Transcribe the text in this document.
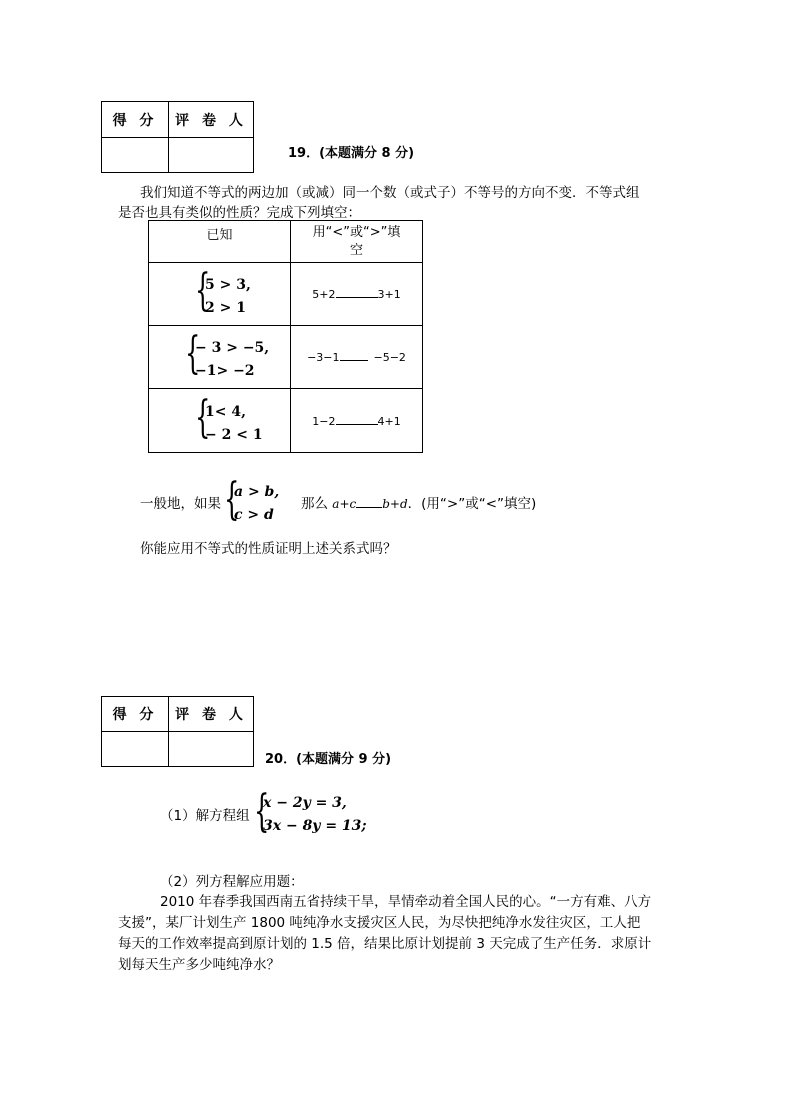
得 分	评 卷 人

19．(本题满分 8 分)
我们知道不等式的两边加（或减）同一个数（或式子）不等号的方向不变．不等式组
是否也具有类似的性质？完成下列填空：
已知	用“<”或“>”填
空

{
5 > 3,
2 > 1	5+2 3+1

{
− 3 > −5,
−1> −2	−3−1 −5−2

{
1< 4,
− 2 < 1	1−2 4+1
一般地，如果 {
a > b,
c > d
那么 a+c b+d．(用“>”或“<”填空)
你能应用不等式的性质证明上述关系式吗？
得 分	评 卷 人

20．(本题满分 9 分)
（1）解方程组 {
x − 2y = 3,
3x − 8y = 13;
（2）列方程解应用题：
2010 年春季我国西南五省持续干旱，旱情牵动着全国人民的心。“一方有难、八方
支援”，某厂计划生产 1800 吨纯净水支援灾区人民，为尽快把纯净水发往灾区，工人把
每天的工作效率提高到原计划的 1.5 倍，结果比原计划提前 3 天完成了生产任务．求原计
划每天生产多少吨纯净水？
